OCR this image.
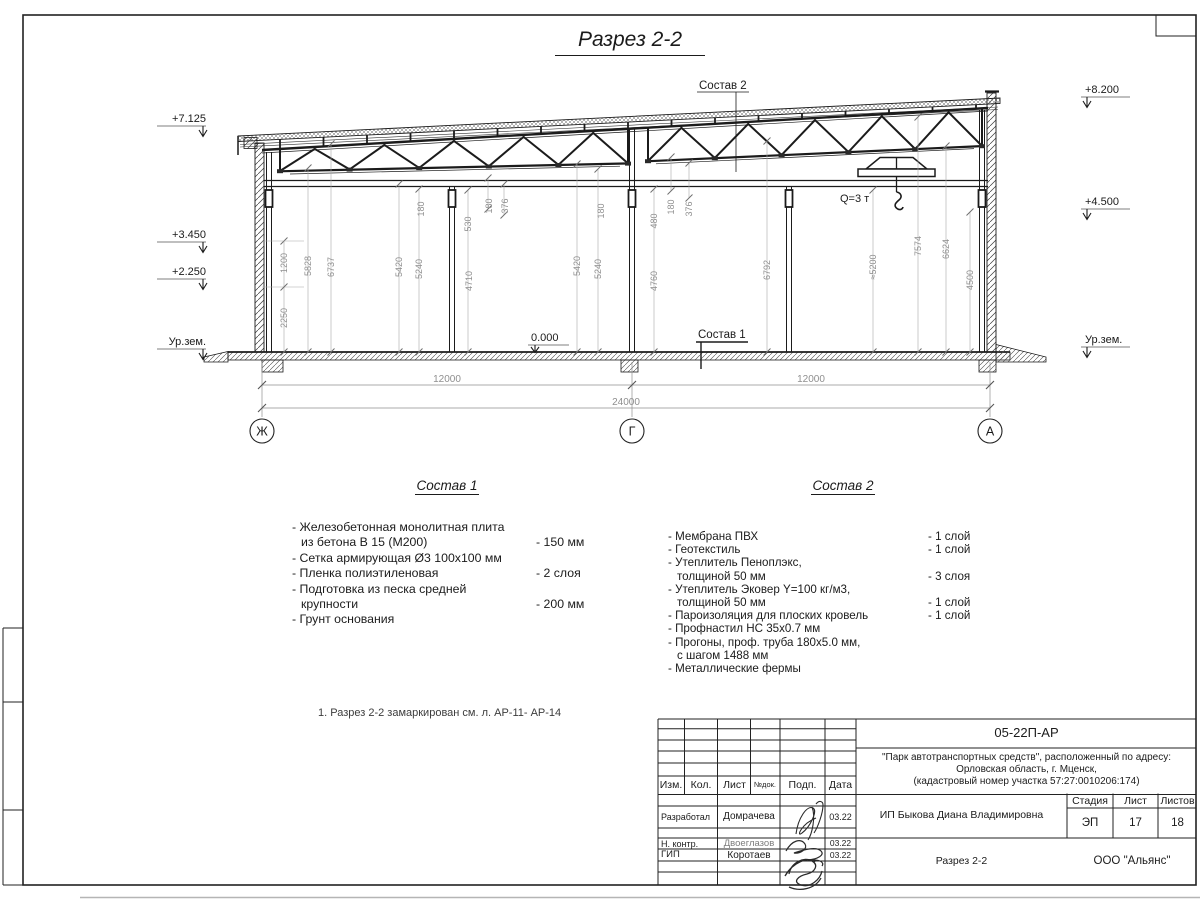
1200
2250
5828 6737	5420 5240
180
530
4710
180 376
5420 5240
180
480
4760
180 376
6792	≈5200
7574 6624
4500
12000	12000
24000
Ж	Г	А
+7.125
+3.450
+2.250
Ур.зем.
+8.200
+4.500
Ур.зем.
0.000
Q=3 т
Состав 2
Состав 1
Разрез 2-2
1. Разрез 2-2 замаркирован см. л. АР-11- АР-14
Состав 1
- Железобетонная монолитная плита
из бетона В 15 (М200)	- 150 мм
- Сетка армирующая Ø3 100х100 мм
- Пленка полиэтиленовая	- 2 слоя
- Подготовка из песка средней
крупности	- 200 мм
- Грунт основания
Состав 2
- Мембрана ПВХ	- 1 слой
- Геотекстиль	- 1 слой
- Утеплитель Пеноплэкс,
толщиной 50 мм	- 3 слоя
- Утеплитель Эковер Y=100 кг/м3,
толщиной 50 мм	- 1 слой
- Пароизоляция для плоских кровель	- 1 слой
- Профнастил НС 35х0.7 мм
- Прогоны, проф. труба 180х5.0 мм,
с шагом 1488 мм
- Металлические фермы
05-22П-АР
"Парк автотранспортных средств", расположенный по адресу:
Орловская область, г. Мценск,
(кадастровый номер участка 57:27:0010206:174)
Изм. Кол.	Лист	№док.	Подп.	Дата
Разработал	Домрачева	03.22
Н. контр.	Двоеглазов	03.22
ГИП	Коротаев	03.22
ИП Быкова Диана Владимировна
Разрез 2-2
Стадия	Лист	Листов
ЭП	17	18
ООО "Альянс"
